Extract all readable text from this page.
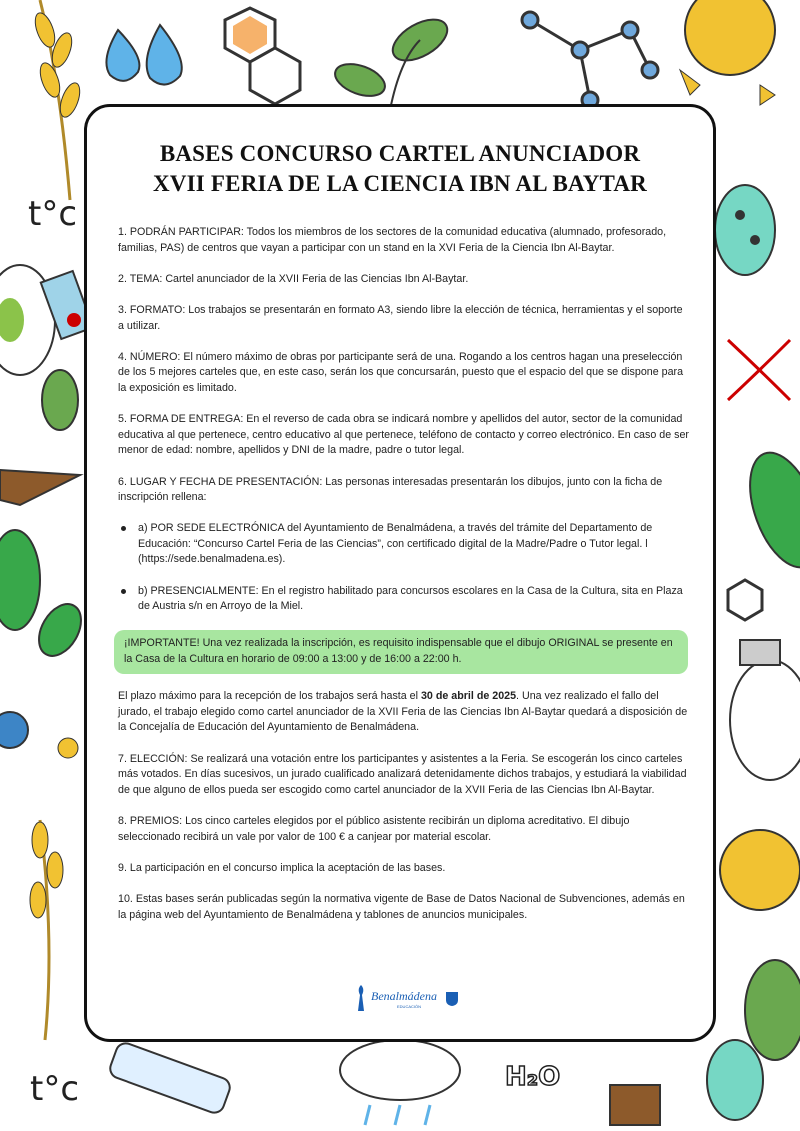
t°c
t°c	H₂O
BASES CONCURSO CARTEL ANUNCIADOR
XVII FERIA DE LA CIENCIA IBN AL BAYTAR

1. PODRÁN PARTICIPAR: Todos los miembros de los sectores de la comunidad educativa (alumnado, profesorado, familias, PAS) de centros que vayan a participar con un stand en la XVI Feria de la Ciencia Ibn Al-Baytar.

2. TEMA: Cartel anunciador de la XVII Feria de las Ciencias Ibn Al-Baytar.

3. FORMATO: Los trabajos se presentarán en formato A3, siendo libre la elección de técnica, herramientas y el soporte a utilizar.

4. NÚMERO: El número máximo de obras por participante será de una. Rogando a los centros hagan una preselección de los 5 mejores carteles que, en este caso, serán los que concursarán, puesto que el espacio del que se dispone para la exposición es limitado.

5. FORMA DE ENTREGA: En el reverso de cada obra se indicará nombre y apellidos del autor, sector de la comunidad educativa al que pertenece, centro educativo al que pertenece, teléfono de contacto y correo electrónico. En caso de ser menor de edad: nombre, apellidos y DNI de la madre, padre o tutor legal.

6. LUGAR Y FECHA DE PRESENTACIÓN: Las personas interesadas presentarán los dibujos, junto con la ficha de inscripción rellena:

a) POR SEDE ELECTRÓNICA del Ayuntamiento de Benalmádena, a través del trámite del Departamento de Educación: “Concurso Cartel Feria de las Ciencias”, con certificado digital de la Madre/Padre o Tutor legal. l (https://sede.benalmadena.es).
b) PRESENCIALMENTE: En el registro habilitado para concursos escolares en la Casa de la Cultura, sita en Plaza de Austria s/n en Arroyo de la Miel.
¡IMPORTANTE! Una vez realizada la inscripción, es requisito indispensable que el dibujo ORIGINAL se presente en la Casa de la Cultura en horario de 09:00 a 13:00 y de 16:00 a 22:00 h.

El plazo máximo para la recepción de los trabajos será hasta el 30 de abril de 2025. Una vez realizado el fallo del jurado, el trabajo elegido como cartel anunciador de la XVII Feria de las Ciencias Ibn Al-Baytar quedará a disposición de la Concejalía de Educación del Ayuntamiento de Benalmádena.

7. ELECCIÓN: Se realizará una votación entre los participantes y asistentes a la Feria. Se escogerán los cinco carteles más votados. En días sucesivos, un jurado cualificado analizará detenidamente dichos trabajos, y estudiará la viabilidad de que alguno de ellos pueda ser escogido como cartel anunciador de la XVII Feria de las Ciencias Ibn Al-Baytar.

8. PREMIOS: Los cinco carteles elegidos por el público asistente recibirán un diploma acreditativo. El dibujo seleccionado recibirá un vale por valor de 100 € a canjear por material escolar.

9. La participación en el concurso implica la aceptación de las bases.

10. Estas bases serán publicadas según la normativa vigente de Base de Datos Nacional de Subvenciones, además en la página web del Ayuntamiento de Benalmádena y tablones de anuncios municipales.

Benalmádena
EDUCACIÓN
